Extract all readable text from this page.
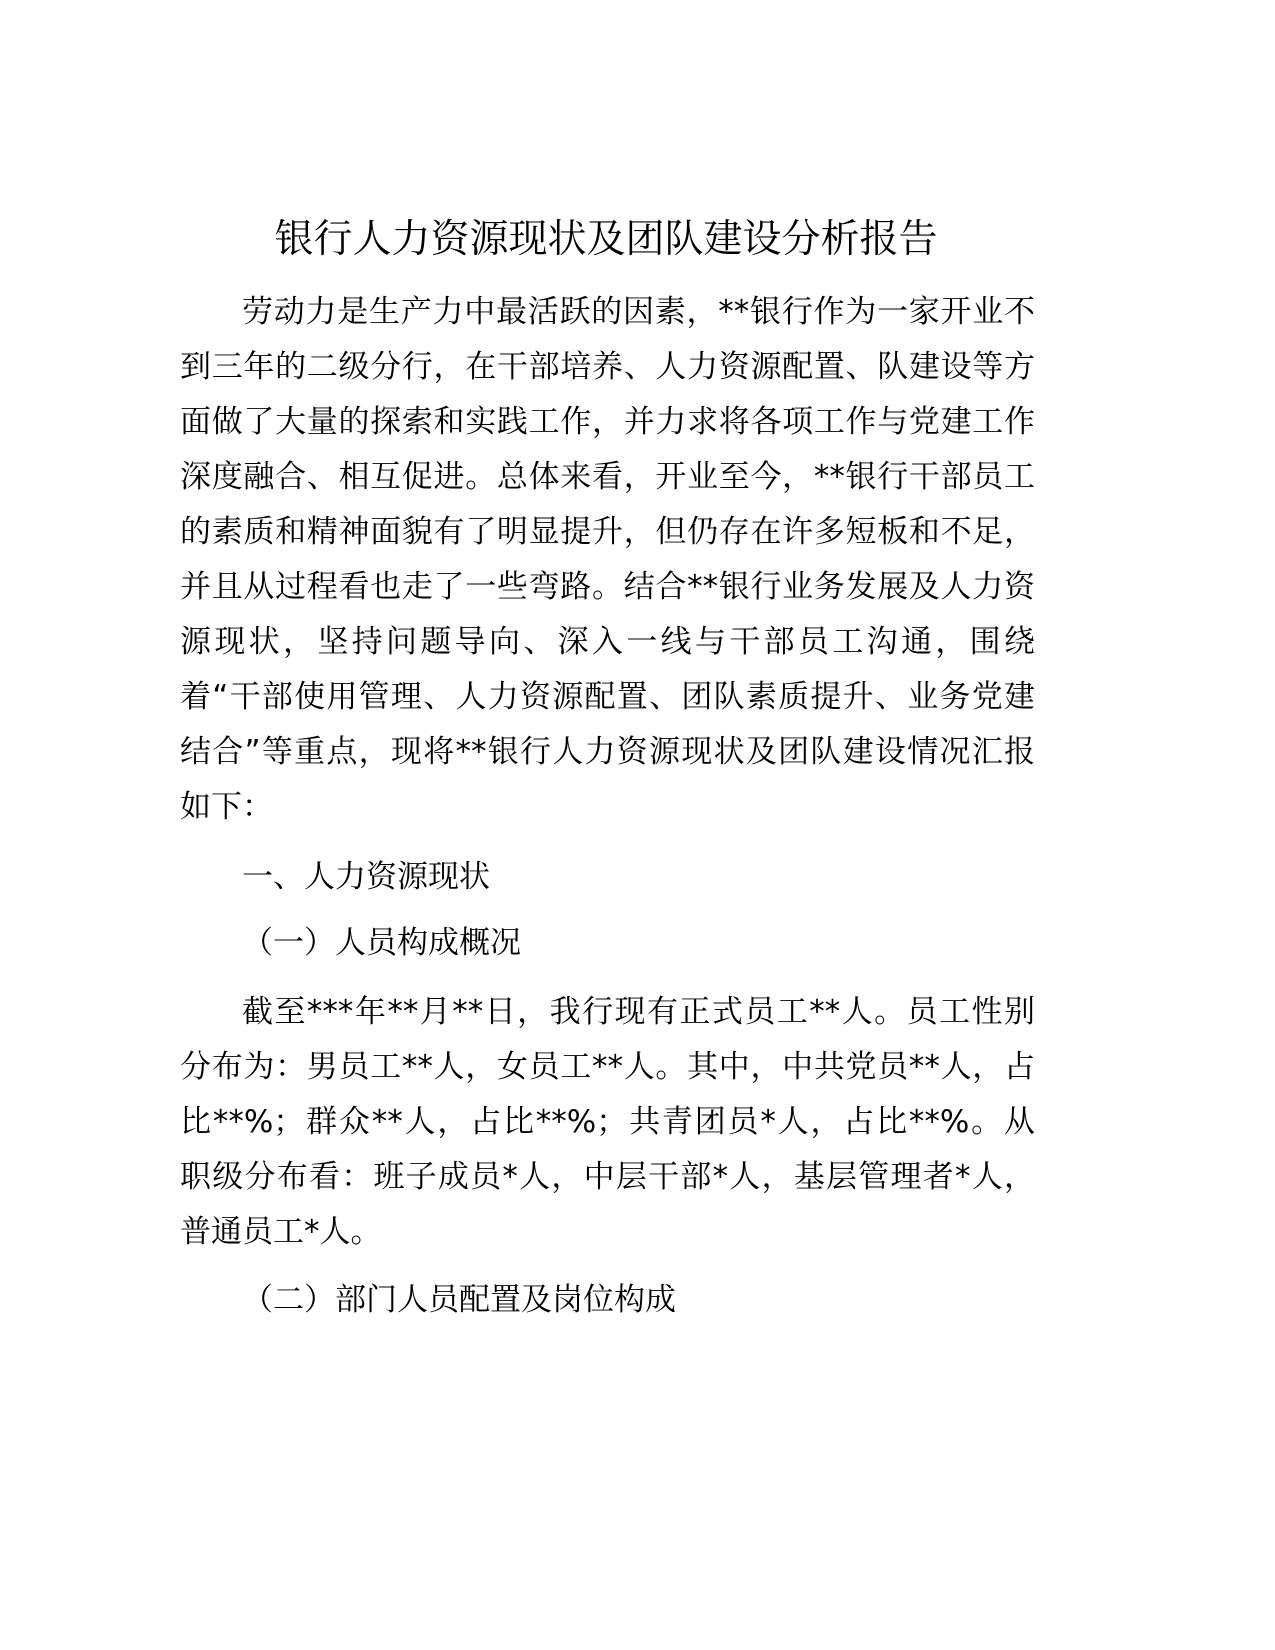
银行人力资源现状及团队建设分析报告
劳动力是生产力中最活跃的因素，**银行作为一家开业不
到三年的二级分行，在干部培养、人力资源配置、队建设等方
面做了大量的探索和实践工作，并力求将各项工作与党建工作
深度融合、相互促进。总体来看，开业至今，**银行干部员工
的素质和精神面貌有了明显提升，但仍存在许多短板和不足，
并且从过程看也走了一些弯路。结合**银行业务发展及人力资
源现状，坚持问题导向、深入一线与干部员工沟通，围绕
着“干部使用管理、人力资源配置、团队素质提升、业务党建
结合”等重点，现将**银行人力资源现状及团队建设情况汇报
如下：
一、人力资源现状
（一）人员构成概况
截至***年**月**日，我行现有正式员工**人。员工性别
分布为：男员工**人，女员工**人。其中，中共党员**人，占
比**%；群众**人，占比**%；共青团员*人，占比**%。从
职级分布看：班子成员*人，中层干部*人，基层管理者*人，
普通员工*人。
（二）部门人员配置及岗位构成
